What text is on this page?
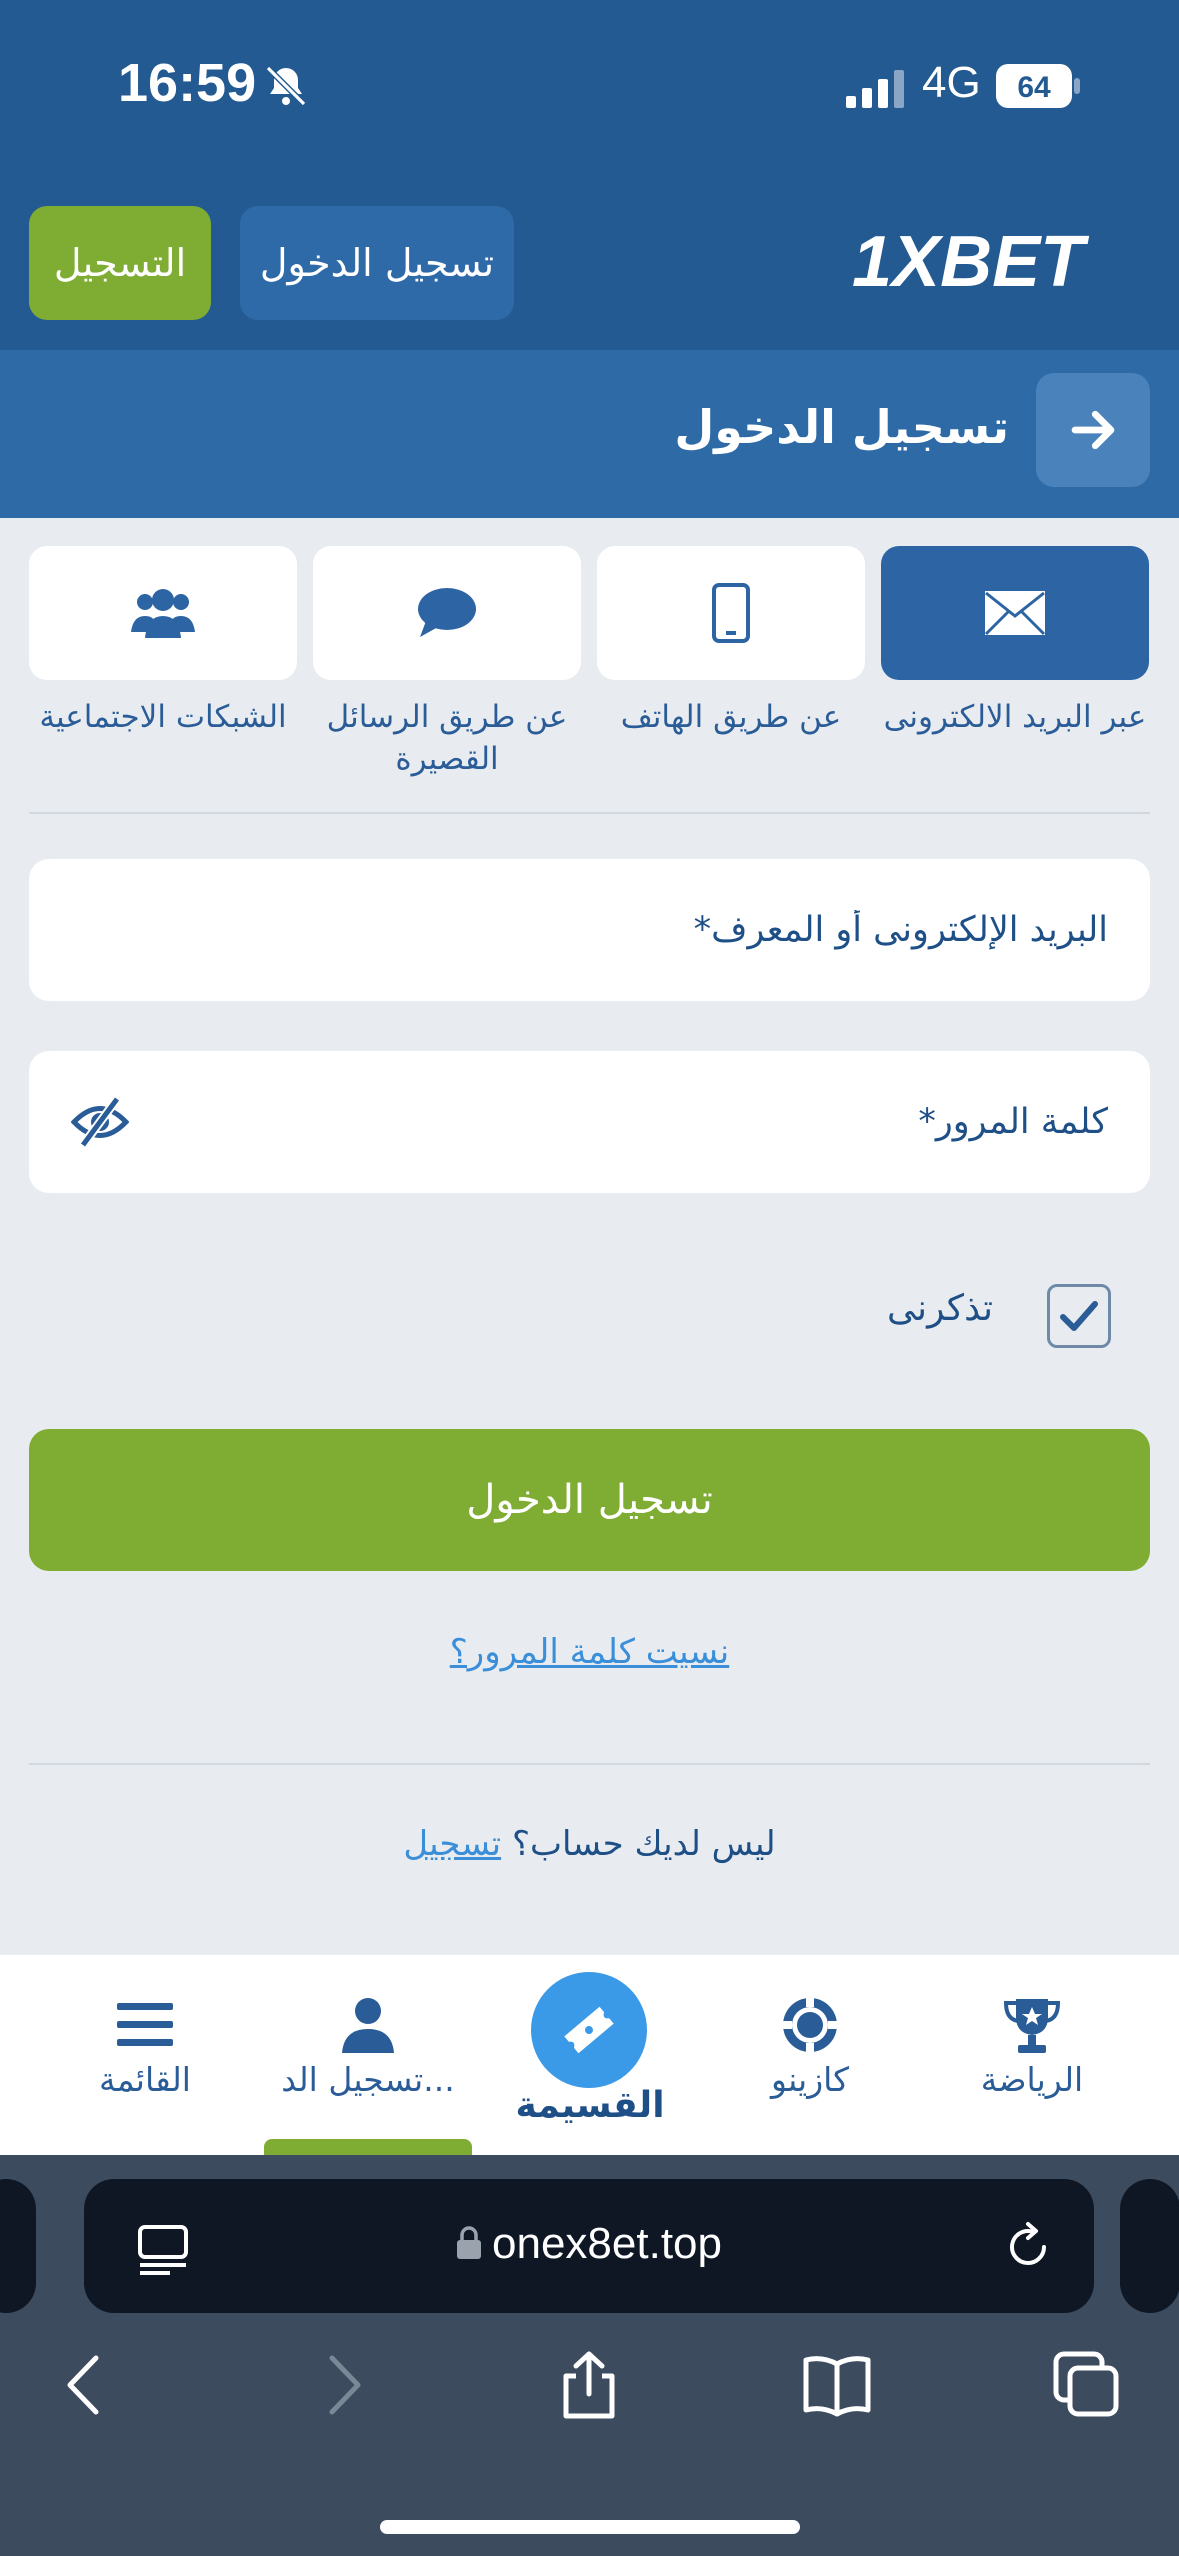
16:59	4G 64
التسجيل	تسجيل الدخول	1XBET
تسجيل الدخول
عبر البريد الالكترونى
عن طريق الهاتف
عن طريق الرسائل القصيرة
الشبكات الاجتماعية
البريد الإلكترونى أو المعرف*
تذكرنى
تسجيل الدخول
نسيت كلمة المرور؟
ليس لديك حساب؟ تسجيل
الرياضة
كازينو
القسيمة
تسجيل الد...
القائمة
onex8et.top
